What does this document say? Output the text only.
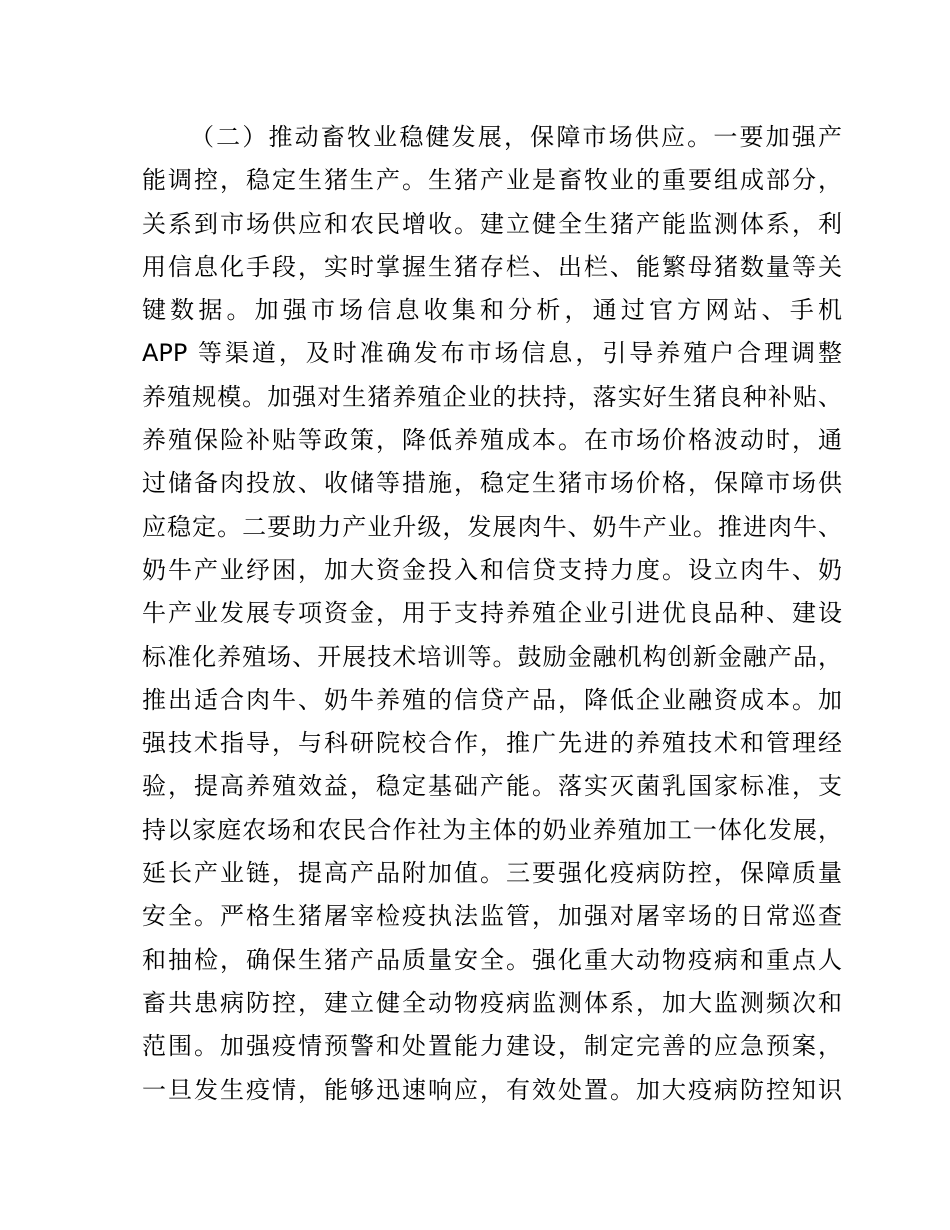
（二）推动畜牧业稳健发展，保障市场供应。一要加强产
能调控，稳定生猪生产。生猪产业是畜牧业的重要组成部分，
关系到市场供应和农民增收。建立健全生猪产能监测体系，利
用信息化手段，实时掌握生猪存栏、出栏、能繁母猪数量等关
键数据。加强市场信息收集和分析，通过官方网站、手机
APP 等渠道，及时准确发布市场信息，引导养殖户合理调整
养殖规模。加强对生猪养殖企业的扶持，落实好生猪良种补贴、
养殖保险补贴等政策，降低养殖成本。在市场价格波动时，通
过储备肉投放、收储等措施，稳定生猪市场价格，保障市场供
应稳定。二要助力产业升级，发展肉牛、奶牛产业。推进肉牛、
奶牛产业纾困，加大资金投入和信贷支持力度。设立肉牛、奶
牛产业发展专项资金，用于支持养殖企业引进优良品种、建设
标准化养殖场、开展技术培训等。鼓励金融机构创新金融产品，
推出适合肉牛、奶牛养殖的信贷产品，降低企业融资成本。加
强技术指导，与科研院校合作，推广先进的养殖技术和管理经
验，提高养殖效益，稳定基础产能。落实灭菌乳国家标准，支
持以家庭农场和农民合作社为主体的奶业养殖加工一体化发展，
延长产业链，提高产品附加值。三要强化疫病防控，保障质量
安全。严格生猪屠宰检疫执法监管，加强对屠宰场的日常巡查
和抽检，确保生猪产品质量安全。强化重大动物疫病和重点人
畜共患病防控，建立健全动物疫病监测体系，加大监测频次和
范围。加强疫情预警和处置能力建设，制定完善的应急预案，
一旦发生疫情，能够迅速响应，有效处置。加大疫病防控知识
